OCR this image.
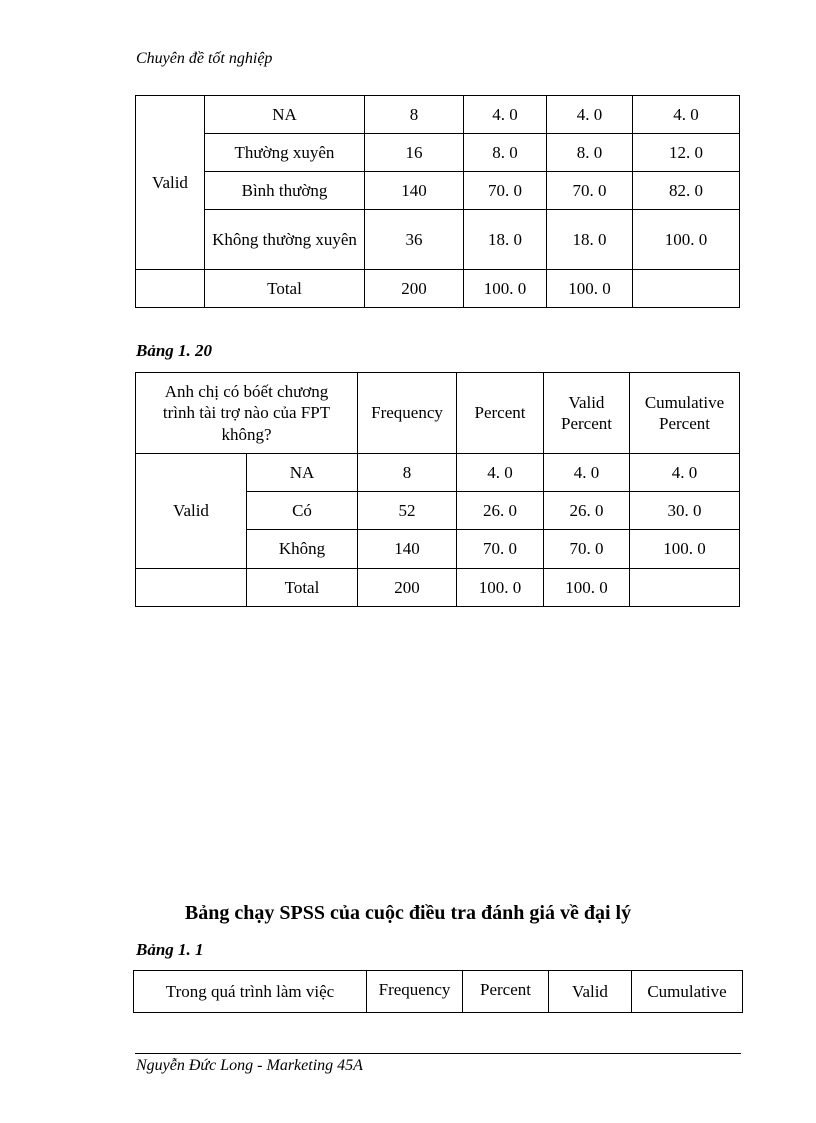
Chuyên đề tốt nghiệp
Valid	NA	8	4. 0	4. 0	4. 0
	Thường xuyên	16	8. 0	8. 0	12. 0
	Bình thường	140	70. 0	70. 0	82. 0
	Không thường xuyên	36	18. 0	18. 0	100. 0
	Total	200	100. 0	100. 0	
Bảng 1. 20
Anh chị có bóết chương trình tài trợ nào của FPT không?		Frequency	Percent	Valid Percent	Cumulative Percent
Valid	NA	8	4. 0	4. 0	4. 0
	Có	52	26. 0	26. 0	30. 0
	Không	140	70. 0	70. 0	100. 0
	Total	200	100. 0	100. 0	
Bảng chạy SPSS của cuộc điều tra đánh giá về đại lý
Bảng 1. 1
Trong quá trình làm việc	Frequency	Percent	Valid	Cumulative
Nguyễn Đức Long - Marketing 45A
